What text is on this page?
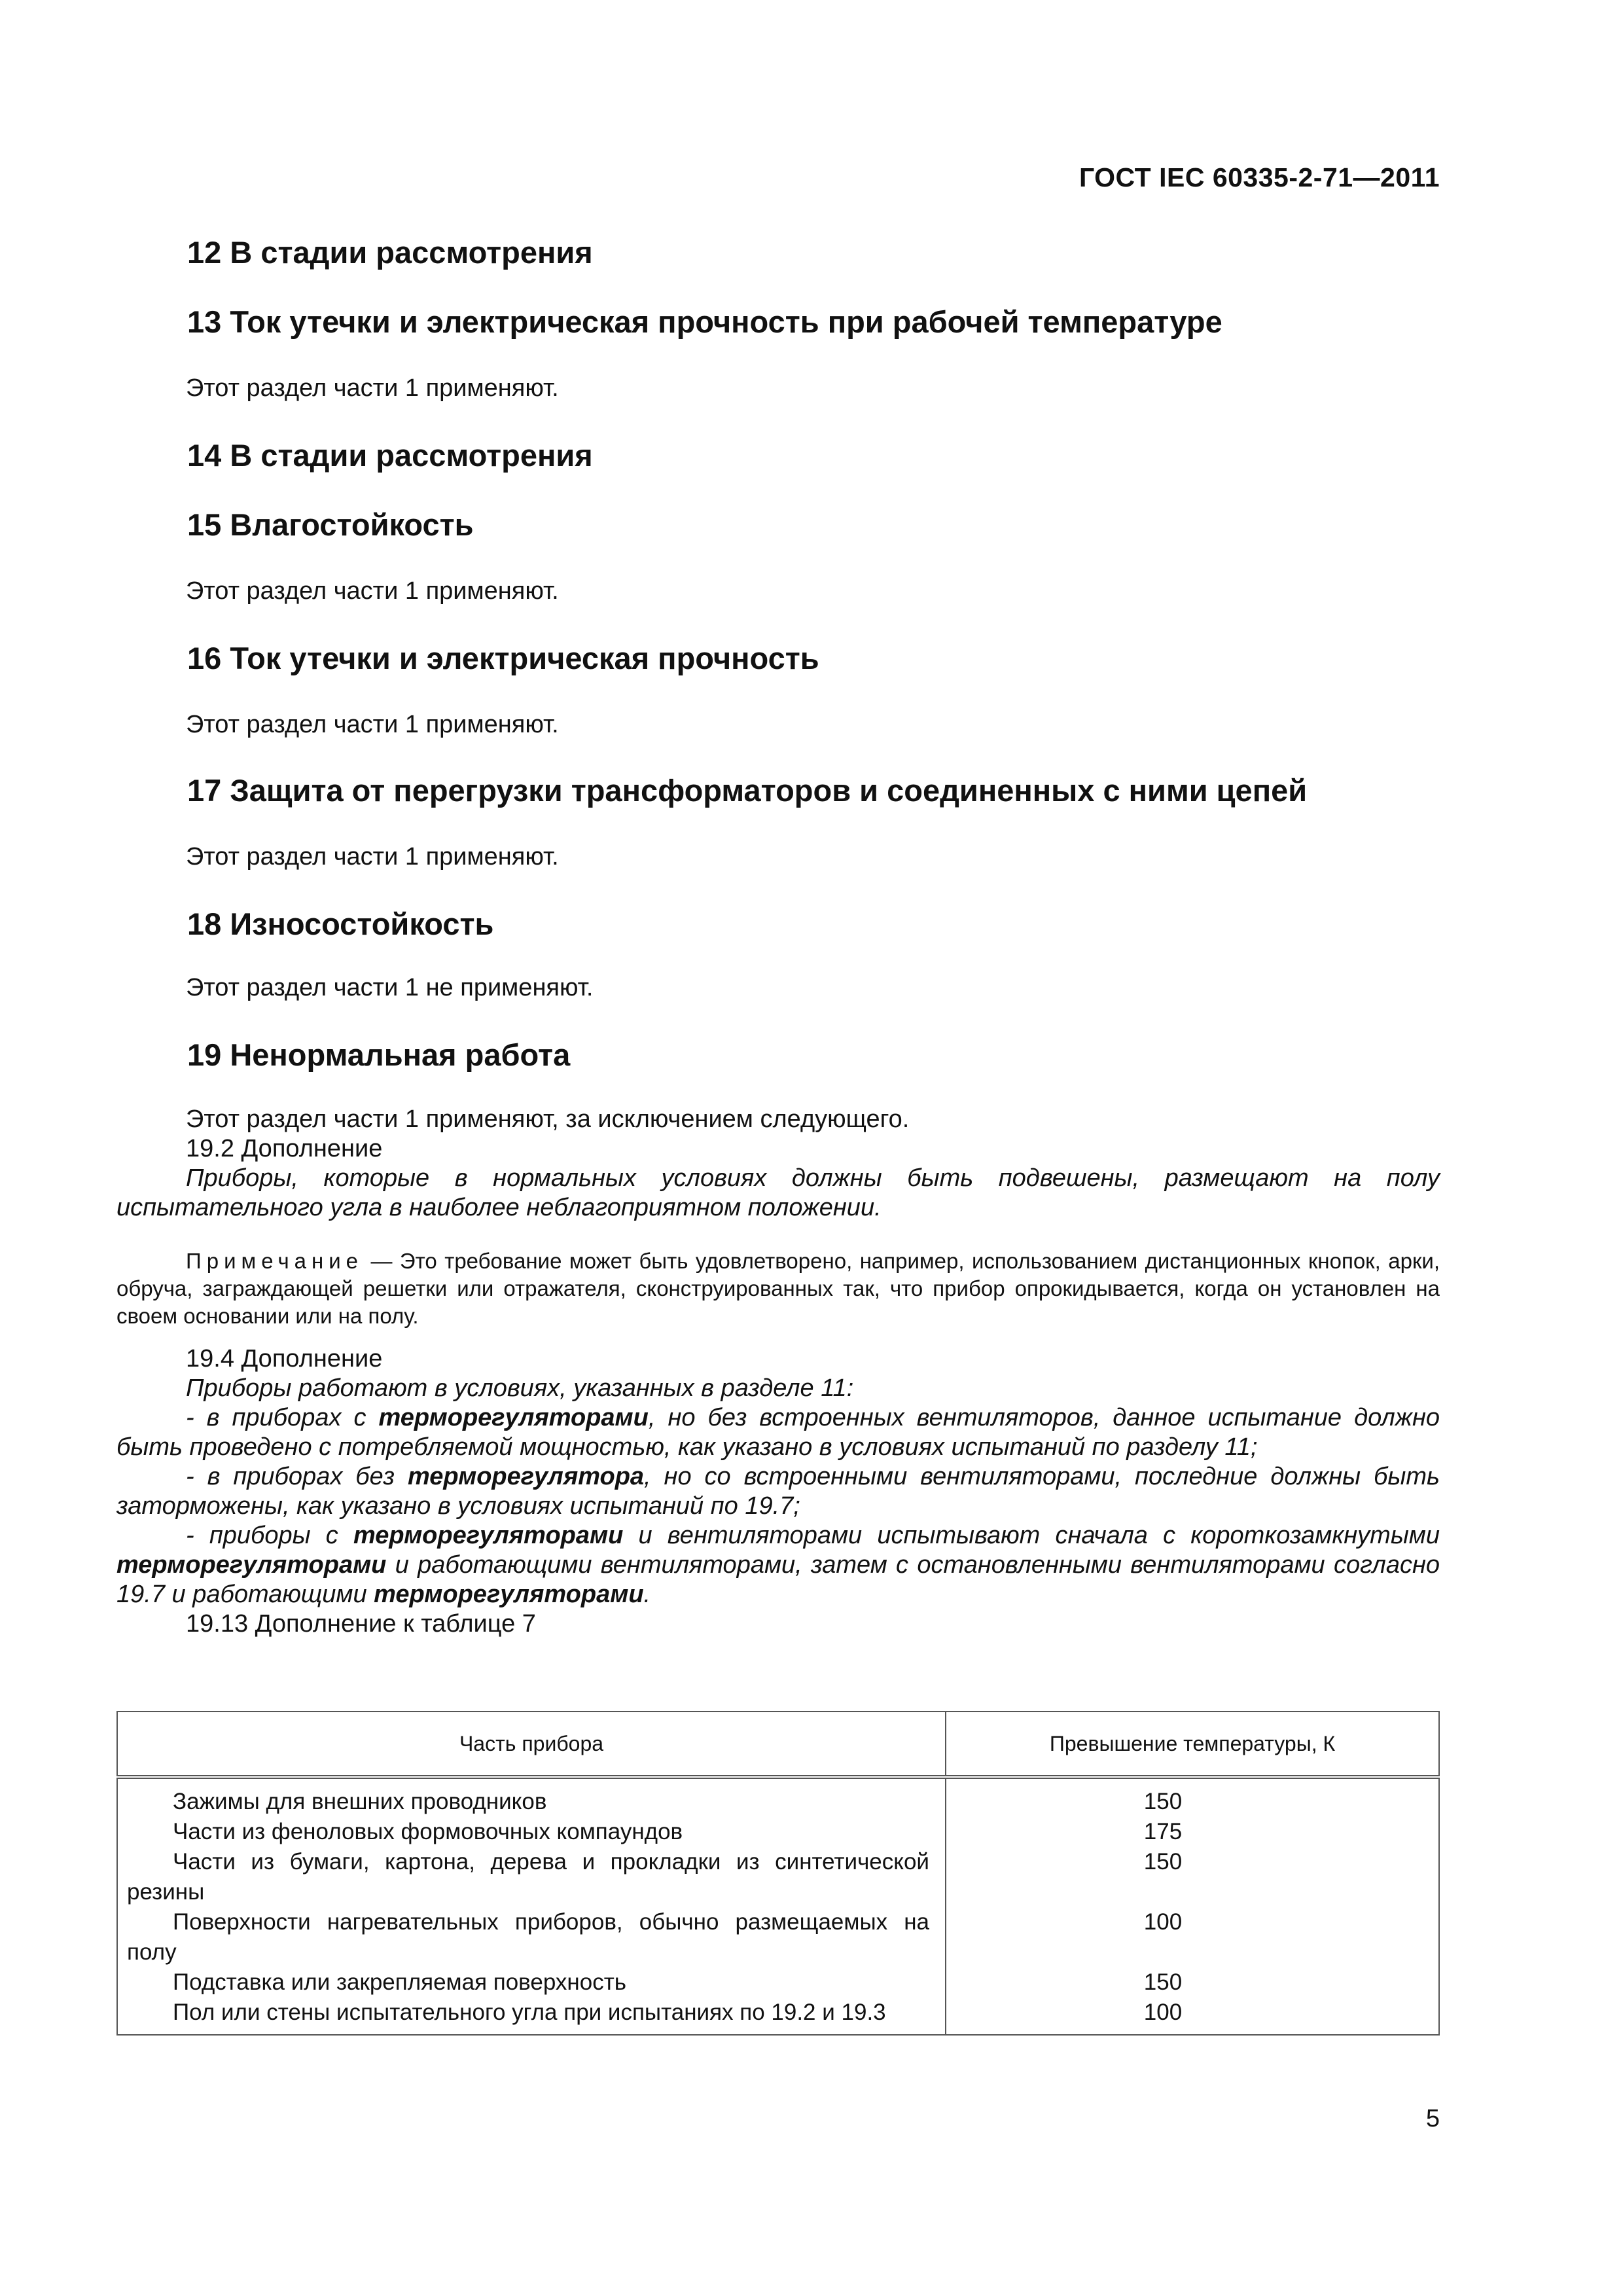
ГОСТ IEC 60335-2-71—2011
12 В стадии рассмотрения
13 Ток утечки и электрическая прочность при рабочей температуре
Этот раздел части 1 применяют.
14 В стадии рассмотрения
15 Влагостойкость
Этот раздел части 1 применяют.
16 Ток утечки и электрическая прочность
Этот раздел части 1 применяют.
17 Защита от перегрузки трансформаторов и соединенных с ними цепей
Этот раздел части 1 применяют.
18 Износостойкость
Этот раздел части 1 не применяют.
19 Ненормальная работа
Этот раздел части 1 применяют, за исключением следующего.
19.2 Дополнение
Приборы, которые в нормальных условиях должны быть подвешены, размещают на полу испытательного угла в наиболее неблагоприятном положении.
Примечание — Это требование может быть удовлетворено, например, использованием дистанционных кнопок, арки, обруча, заграждающей решетки или отражателя, сконструированных так, что прибор опрокидывается, когда он установлен на своем основании или на полу.
19.4 Дополнение
Приборы работают в условиях, указанных в разделе 11:
- в приборах с терморегуляторами, но без встроенных вентиляторов, данное испытание должно быть проведено с потребляемой мощностью, как указано в условиях испытаний по разделу 11;
- в приборах без терморегулятора, но со встроенными вентиляторами, последние должны быть заторможены, как указано в условиях испытаний по 19.7;
- приборы с терморегуляторами и вентиляторами испытывают сначала с короткозамкнутыми терморегуляторами и работающими вентиляторами, затем с остановленными вентиляторами согласно 19.7 и работающими терморегуляторами.
19.13 Дополнение к таблице 7
Часть прибора	Превышение температуры, К
Зажимы для внешних проводников	150
Части из феноловых формовочных компаундов	175
Части из бумаги, картона, дерева и прокладки из синтетической резины	150
Поверхности нагревательных приборов, обычно размещаемых на полу	100
Подставка или закрепляемая поверхность	150
Пол или стены испытательного угла при испытаниях по 19.2 и 19.3	100
5
